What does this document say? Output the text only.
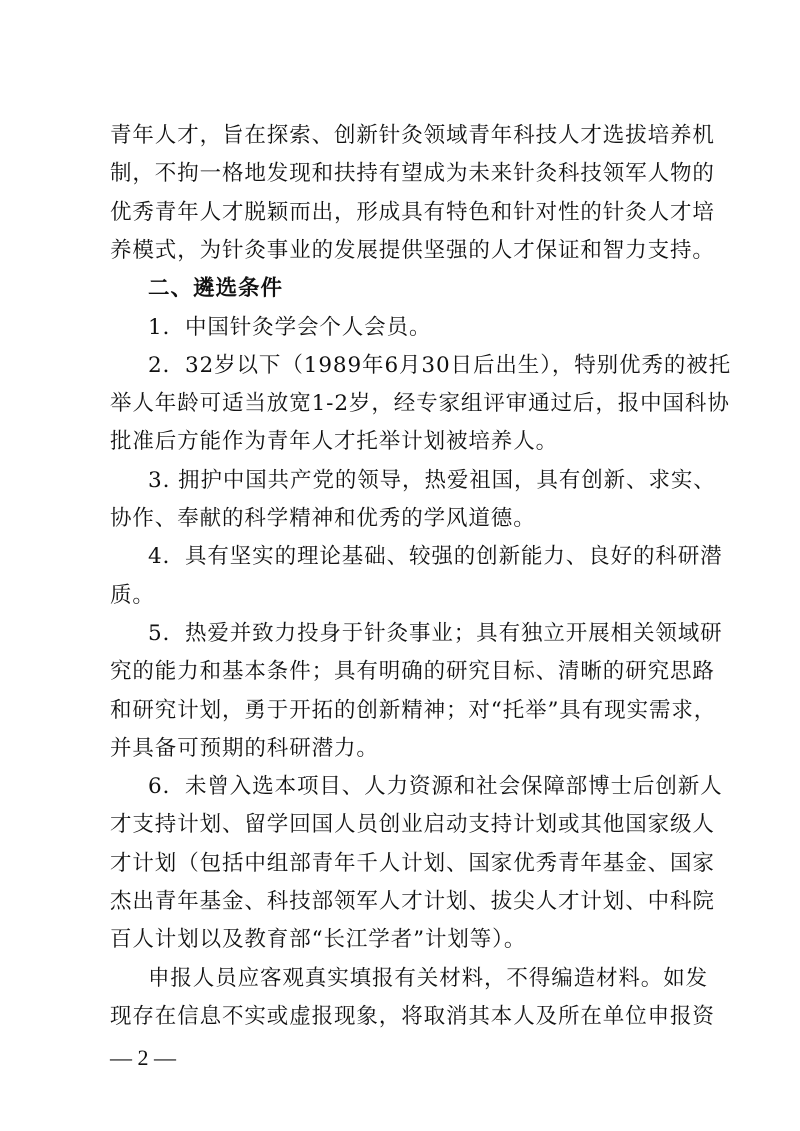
青年人才，旨在探索、创新针灸领域青年科技人才选拔培养机
制，不拘一格地发现和扶持有望成为未来针灸科技领军人物的
优秀青年人才脱颖而出，形成具有特色和针对性的针灸人才培
养模式，为针灸事业的发展提供坚强的人才保证和智力支持。
二、遴选条件
1．中国针灸学会个人会员。
2．32岁以下（1989年6月30日后出生），特别优秀的被托
举人年龄可适当放宽1-2岁，经专家组评审通过后，报中国科协
批准后方能作为青年人才托举计划被培养人。
3. 拥护中国共产党的领导，热爱祖国，具有创新、求实、
协作、奉献的科学精神和优秀的学风道德。
4．具有坚实的理论基础、较强的创新能力、良好的科研潜
质。
5．热爱并致力投身于针灸事业；具有独立开展相关领域研
究的能力和基本条件；具有明确的研究目标、清晰的研究思路
和研究计划，勇于开拓的创新精神；对“托举”具有现实需求，
并具备可预期的科研潜力。
6．未曾入选本项目、人力资源和社会保障部博士后创新人
才支持计划、留学回国人员创业启动支持计划或其他国家级人
才计划（包括中组部青年千人计划、国家优秀青年基金、国家
杰出青年基金、科技部领军人才计划、拔尖人才计划、中科院
百人计划以及教育部“长江学者”计划等）。
— 2 —
申报人员应客观真实填报有关材料，不得编造材料。如发
现存在信息不实或虚报现象，将取消其本人及所在单位申报资
